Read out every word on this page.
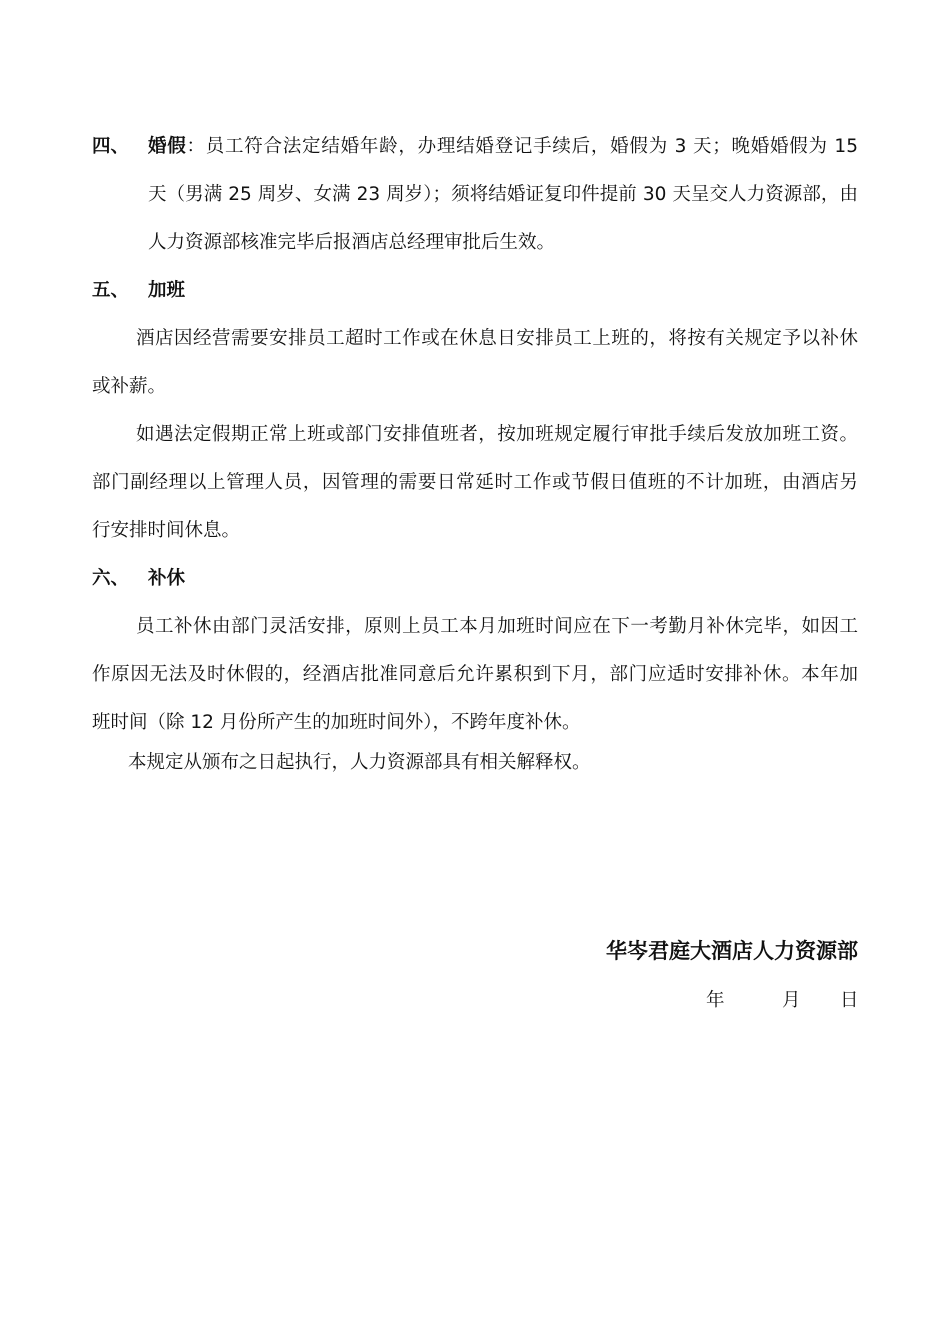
四、 婚假：员工符合法定结婚年龄，办理结婚登记手续后，婚假为 3 天；晚婚婚假为 15
天（男满 25 周岁、女满 23 周岁）；须将结婚证复印件提前 30 天呈交人力资源部，由
人力资源部核准完毕后报酒店总经理审批后生效。
五、 加班
酒店因经营需要安排员工超时工作或在休息日安排员工上班的，将按有关规定予以补休
或补薪。
如遇法定假期正常上班或部门安排值班者，按加班规定履行审批手续后发放加班工资。
部门副经理以上管理人员，因管理的需要日常延时工作或节假日值班的不计加班，由酒店另
行安排时间休息。
六、 补休
员工补休由部门灵活安排，原则上员工本月加班时间应在下一考勤月补休完毕，如因工
作原因无法及时休假的，经酒店批准同意后允许累积到下月，部门应适时安排补休。本年加
班时间（除 12 月份所产生的加班时间外），不跨年度补休。
本规定从颁布之日起执行，人力资源部具有相关解释权。
华岑君庭大酒店人力资源部
年	月 日
